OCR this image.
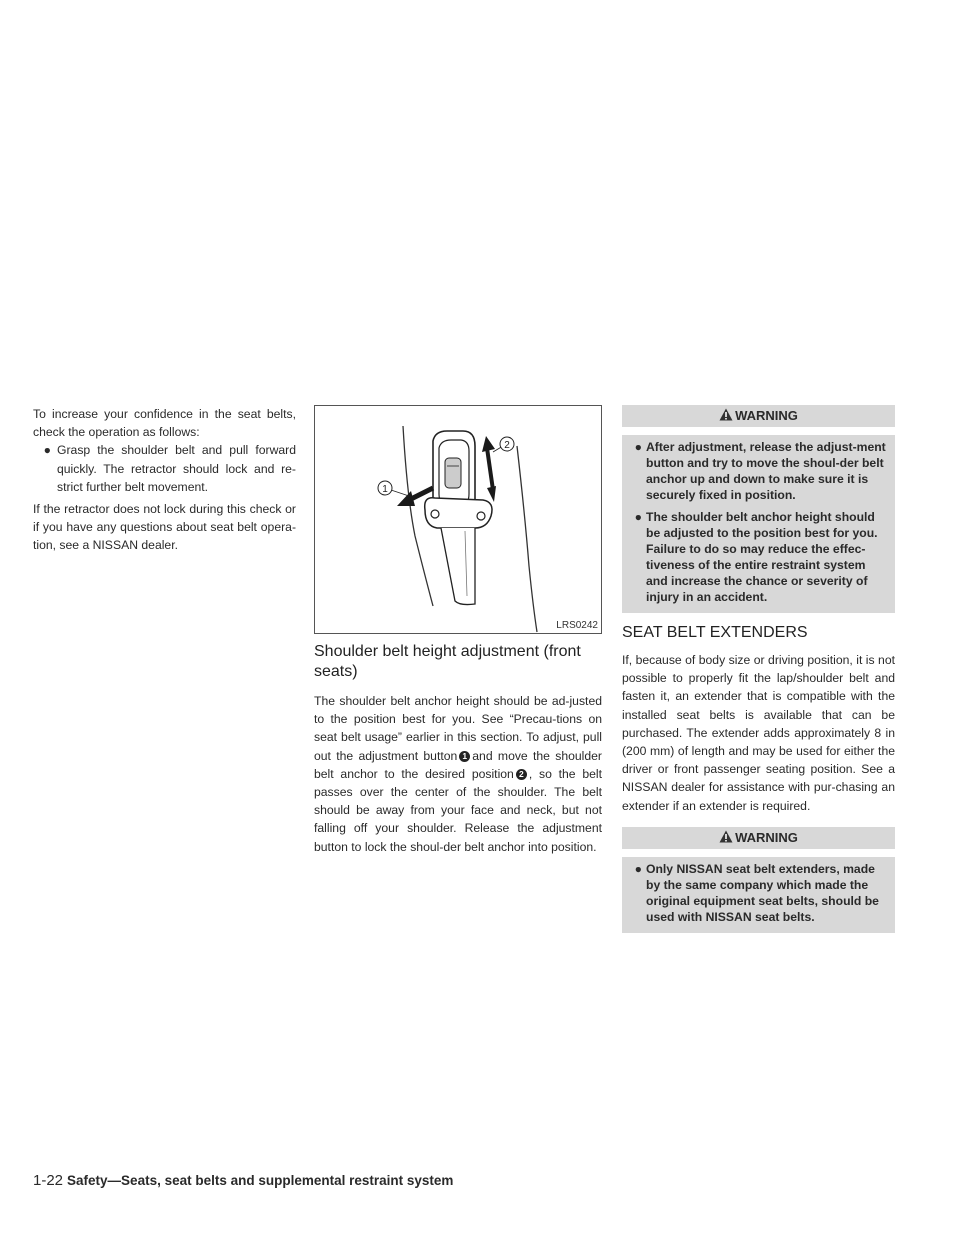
To increase your confidence in the seat belts, check the operation as follows:

● Grasp the shoulder belt and pull forward quickly. The retractor should lock and re-strict further belt movement.

If the retractor does not lock during this check or if you have any questions about seat belt opera-tion, see a NISSAN dealer.

1
2
LRS0242
Shoulder belt height adjustment (front seats)

The shoulder belt anchor height should be ad-justed to the position best for you. See “Precau-tions on seat belt usage” earlier in this section. To adjust, pull out the adjustment button 1 and move the shoulder belt anchor to the desired position 2 , so the belt passes over the center of the shoulder. The belt should be away from your face and neck, but not falling off your shoulder. Release the adjustment button to lock the shoul-der belt anchor into position.

WARNING
● After adjustment, release the adjust-ment button and try to move the shoul-der belt anchor up and down to make sure it is securely fixed in position.
● The shoulder belt anchor height should be adjusted to the position best for you. Failure to do so may reduce the effec-tiveness of the entire restraint system and increase the chance or severity of injury in an accident.
SEAT BELT EXTENDERS

If, because of body size or driving position, it is not possible to properly fit the lap/shoulder belt and fasten it, an extender that is compatible with the installed seat belts is available that can be purchased. The extender adds approximately 8 in (200 mm) of length and may be used for either the driver or front passenger seating position. See a NISSAN dealer for assistance with pur-chasing an extender if an extender is required.

WARNING
● Only NISSAN seat belt extenders, made by the same company which made the original equipment seat belts, should be used with NISSAN seat belts.
1-22 Safety—Seats, seat belts and supplemental restraint system
